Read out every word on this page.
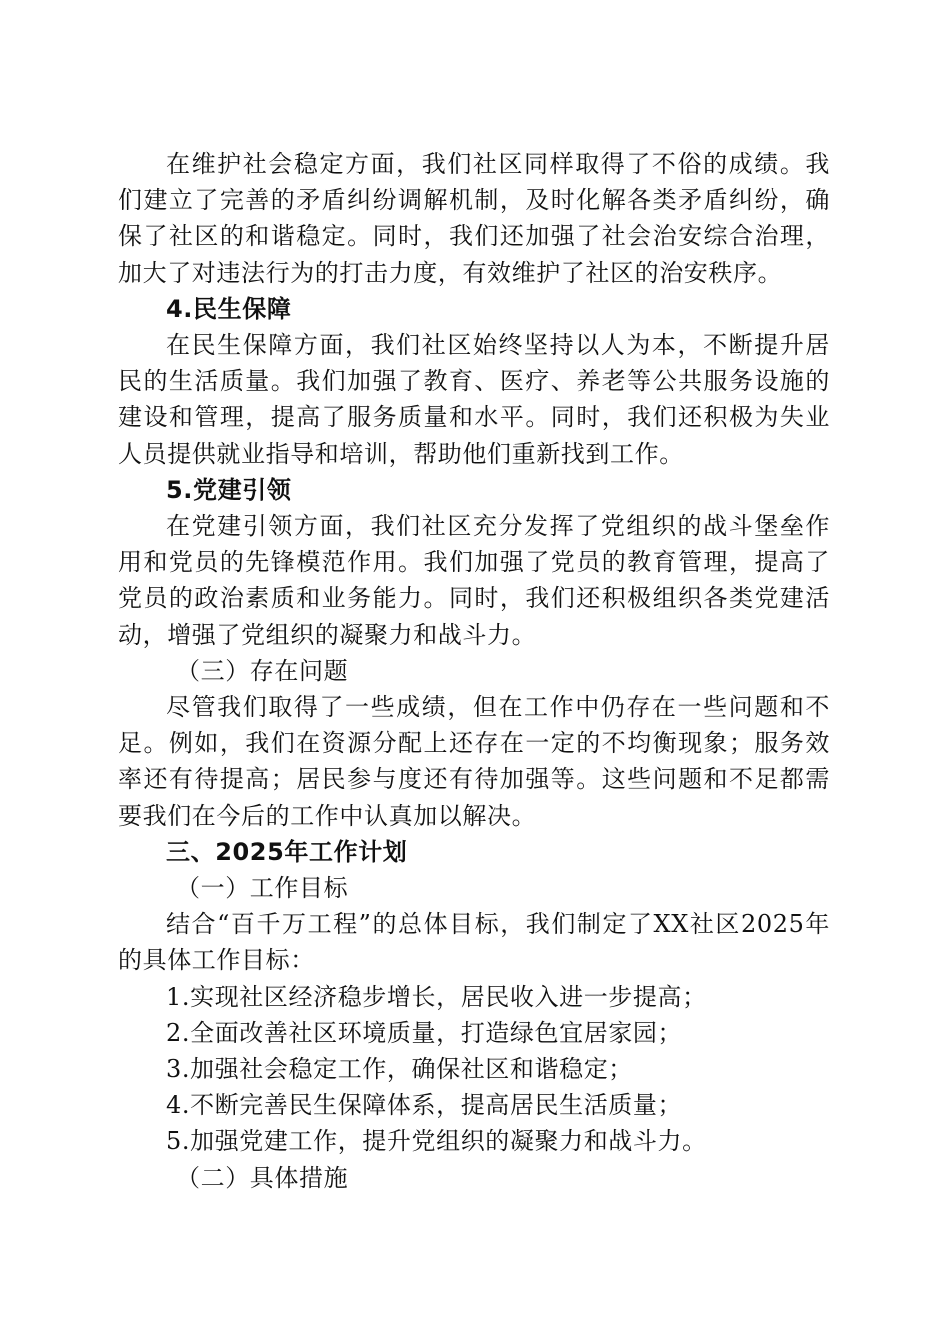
在维护社会稳定方面，我们社区同样取得了不俗的成绩。我们建立了完善的矛盾纠纷调解机制，及时化解各类矛盾纠纷，确保了社区的和谐稳定。同时，我们还加强了社会治安综合治理，加大了对违法行为的打击力度，有效维护了社区的治安秩序。

4.民生保障

在民生保障方面，我们社区始终坚持以人为本，不断提升居民的生活质量。我们加强了教育、医疗、养老等公共服务设施的建设和管理，提高了服务质量和水平。同时，我们还积极为失业人员提供就业指导和培训，帮助他们重新找到工作。

5.党建引领

在党建引领方面，我们社区充分发挥了党组织的战斗堡垒作用和党员的先锋模范作用。我们加强了党员的教育管理，提高了党员的政治素质和业务能力。同时，我们还积极组织各类党建活动，增强了党组织的凝聚力和战斗力。

（三）存在问题

尽管我们取得了一些成绩，但在工作中仍存在一些问题和不足。例如，我们在资源分配上还存在一定的不均衡现象；服务效率还有待提高；居民参与度还有待加强等。这些问题和不足都需要我们在今后的工作中认真加以解决。

三、2025年工作计划

（一）工作目标

结合“百千万工程”的总体目标，我们制定了XX社区2025年的具体工作目标：

1.实现社区经济稳步增长，居民收入进一步提高；

2.全面改善社区环境质量，打造绿色宜居家园；

3.加强社会稳定工作，确保社区和谐稳定；

4.不断完善民生保障体系，提高居民生活质量；

5.加强党建工作，提升党组织的凝聚力和战斗力。

（二）具体措施
